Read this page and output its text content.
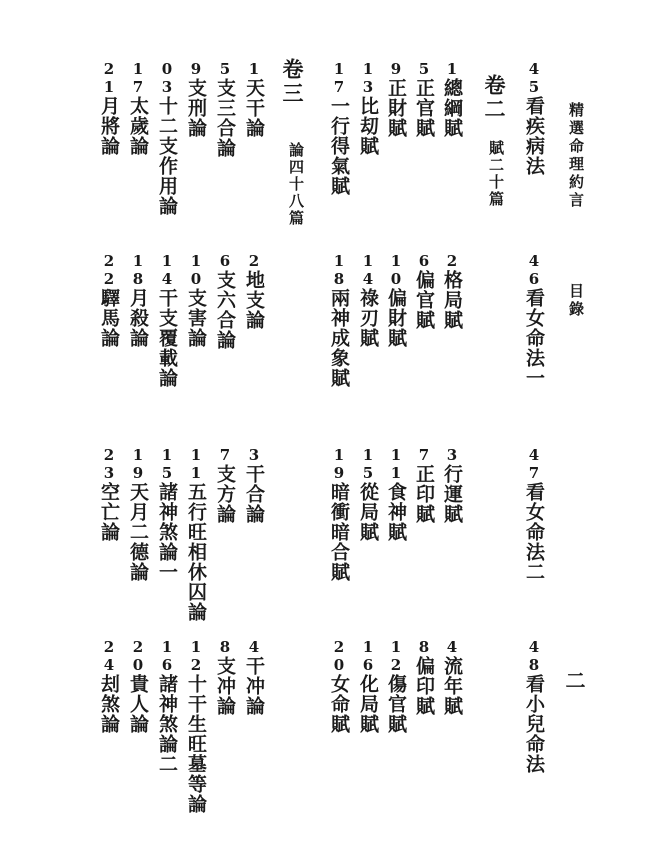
精選命理約言
目錄
二
45看疾病法
46看女命法一
47看女命法二
48看小兒命法
卷二
賦二十篇
1總綱賦
2格局賦
3行運賦
4流年賦
5正官賦
6偏官賦
7正印賦
8偏印賦
9正財賦
10偏財賦
11食神賦
12傷官賦
13比刧賦
14祿刃賦
15從局賦
16化局賦
17一行得氣賦
18兩神成象賦
19暗衝暗合賦
20女命賦
卷三
論四十八篇
1天干論
2地支論
3干合論
4干冲論
5支三合論
6支六合論
7支方論
8支冲論
9支刑論
10支害論
11五行旺相休囚論
12十干生旺墓等論
03十二支作用論
14干支覆載論
15諸神煞論一
16諸神煞論二
17太歲論
18月殺論
19天月二德論
20貴人論
21月將論
22驛馬論
23空亡論
24刦煞論
